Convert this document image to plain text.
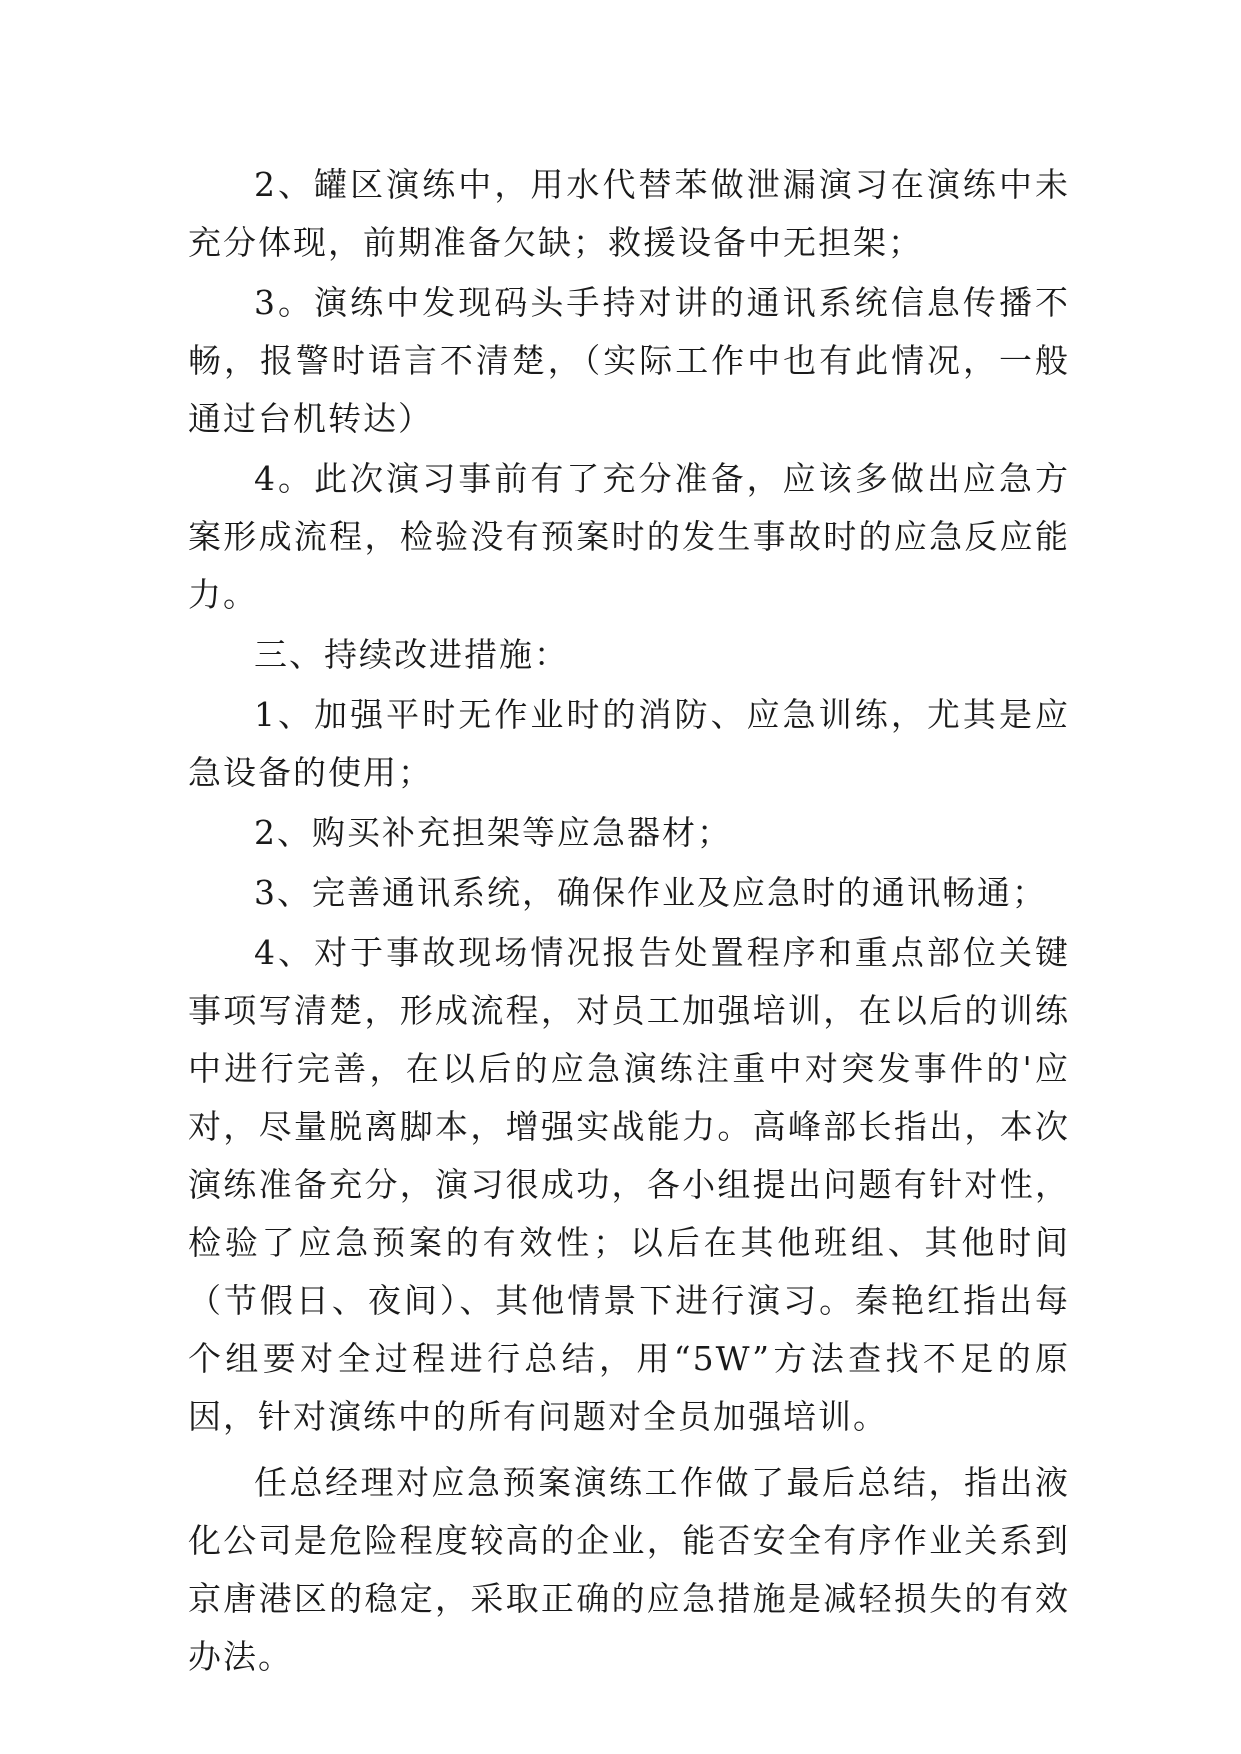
2、罐区演练中，用水代替苯做泄漏演习在演练中未充分体现，前期准备欠缺；救援设备中无担架；

3。演练中发现码头手持对讲的通讯系统信息传播不畅，报警时语言不清楚，（实际工作中也有此情况，一般通过台机转达）

4。此次演习事前有了充分准备，应该多做出应急方案形成流程，检验没有预案时的发生事故时的应急反应能力。

三、持续改进措施：

1、加强平时无作业时的消防、应急训练，尤其是应急设备的使用；

2、购买补充担架等应急器材；

3、完善通讯系统，确保作业及应急时的通讯畅通；

4、对于事故现场情况报告处置程序和重点部位关键事项写清楚，形成流程，对员工加强培训，在以后的训练中进行完善，在以后的应急演练注重中对突发事件的'应对，尽量脱离脚本，增强实战能力。高峰部长指出，本次演练准备充分，演习很成功，各小组提出问题有针对性，检验了应急预案的有效性；以后在其他班组、其他时间（节假日、夜间）、其他情景下进行演习。秦艳红指出每个组要对全过程进行总结，用“5W”方法查找不足的原因，针对演练中的所有问题对全员加强培训。

任总经理对应急预案演练工作做了最后总结，指出液化公司是危险程度较高的企业，能否安全有序作业关系到京唐港区的稳定，采取正确的应急措施是减轻损失的有效办法。
